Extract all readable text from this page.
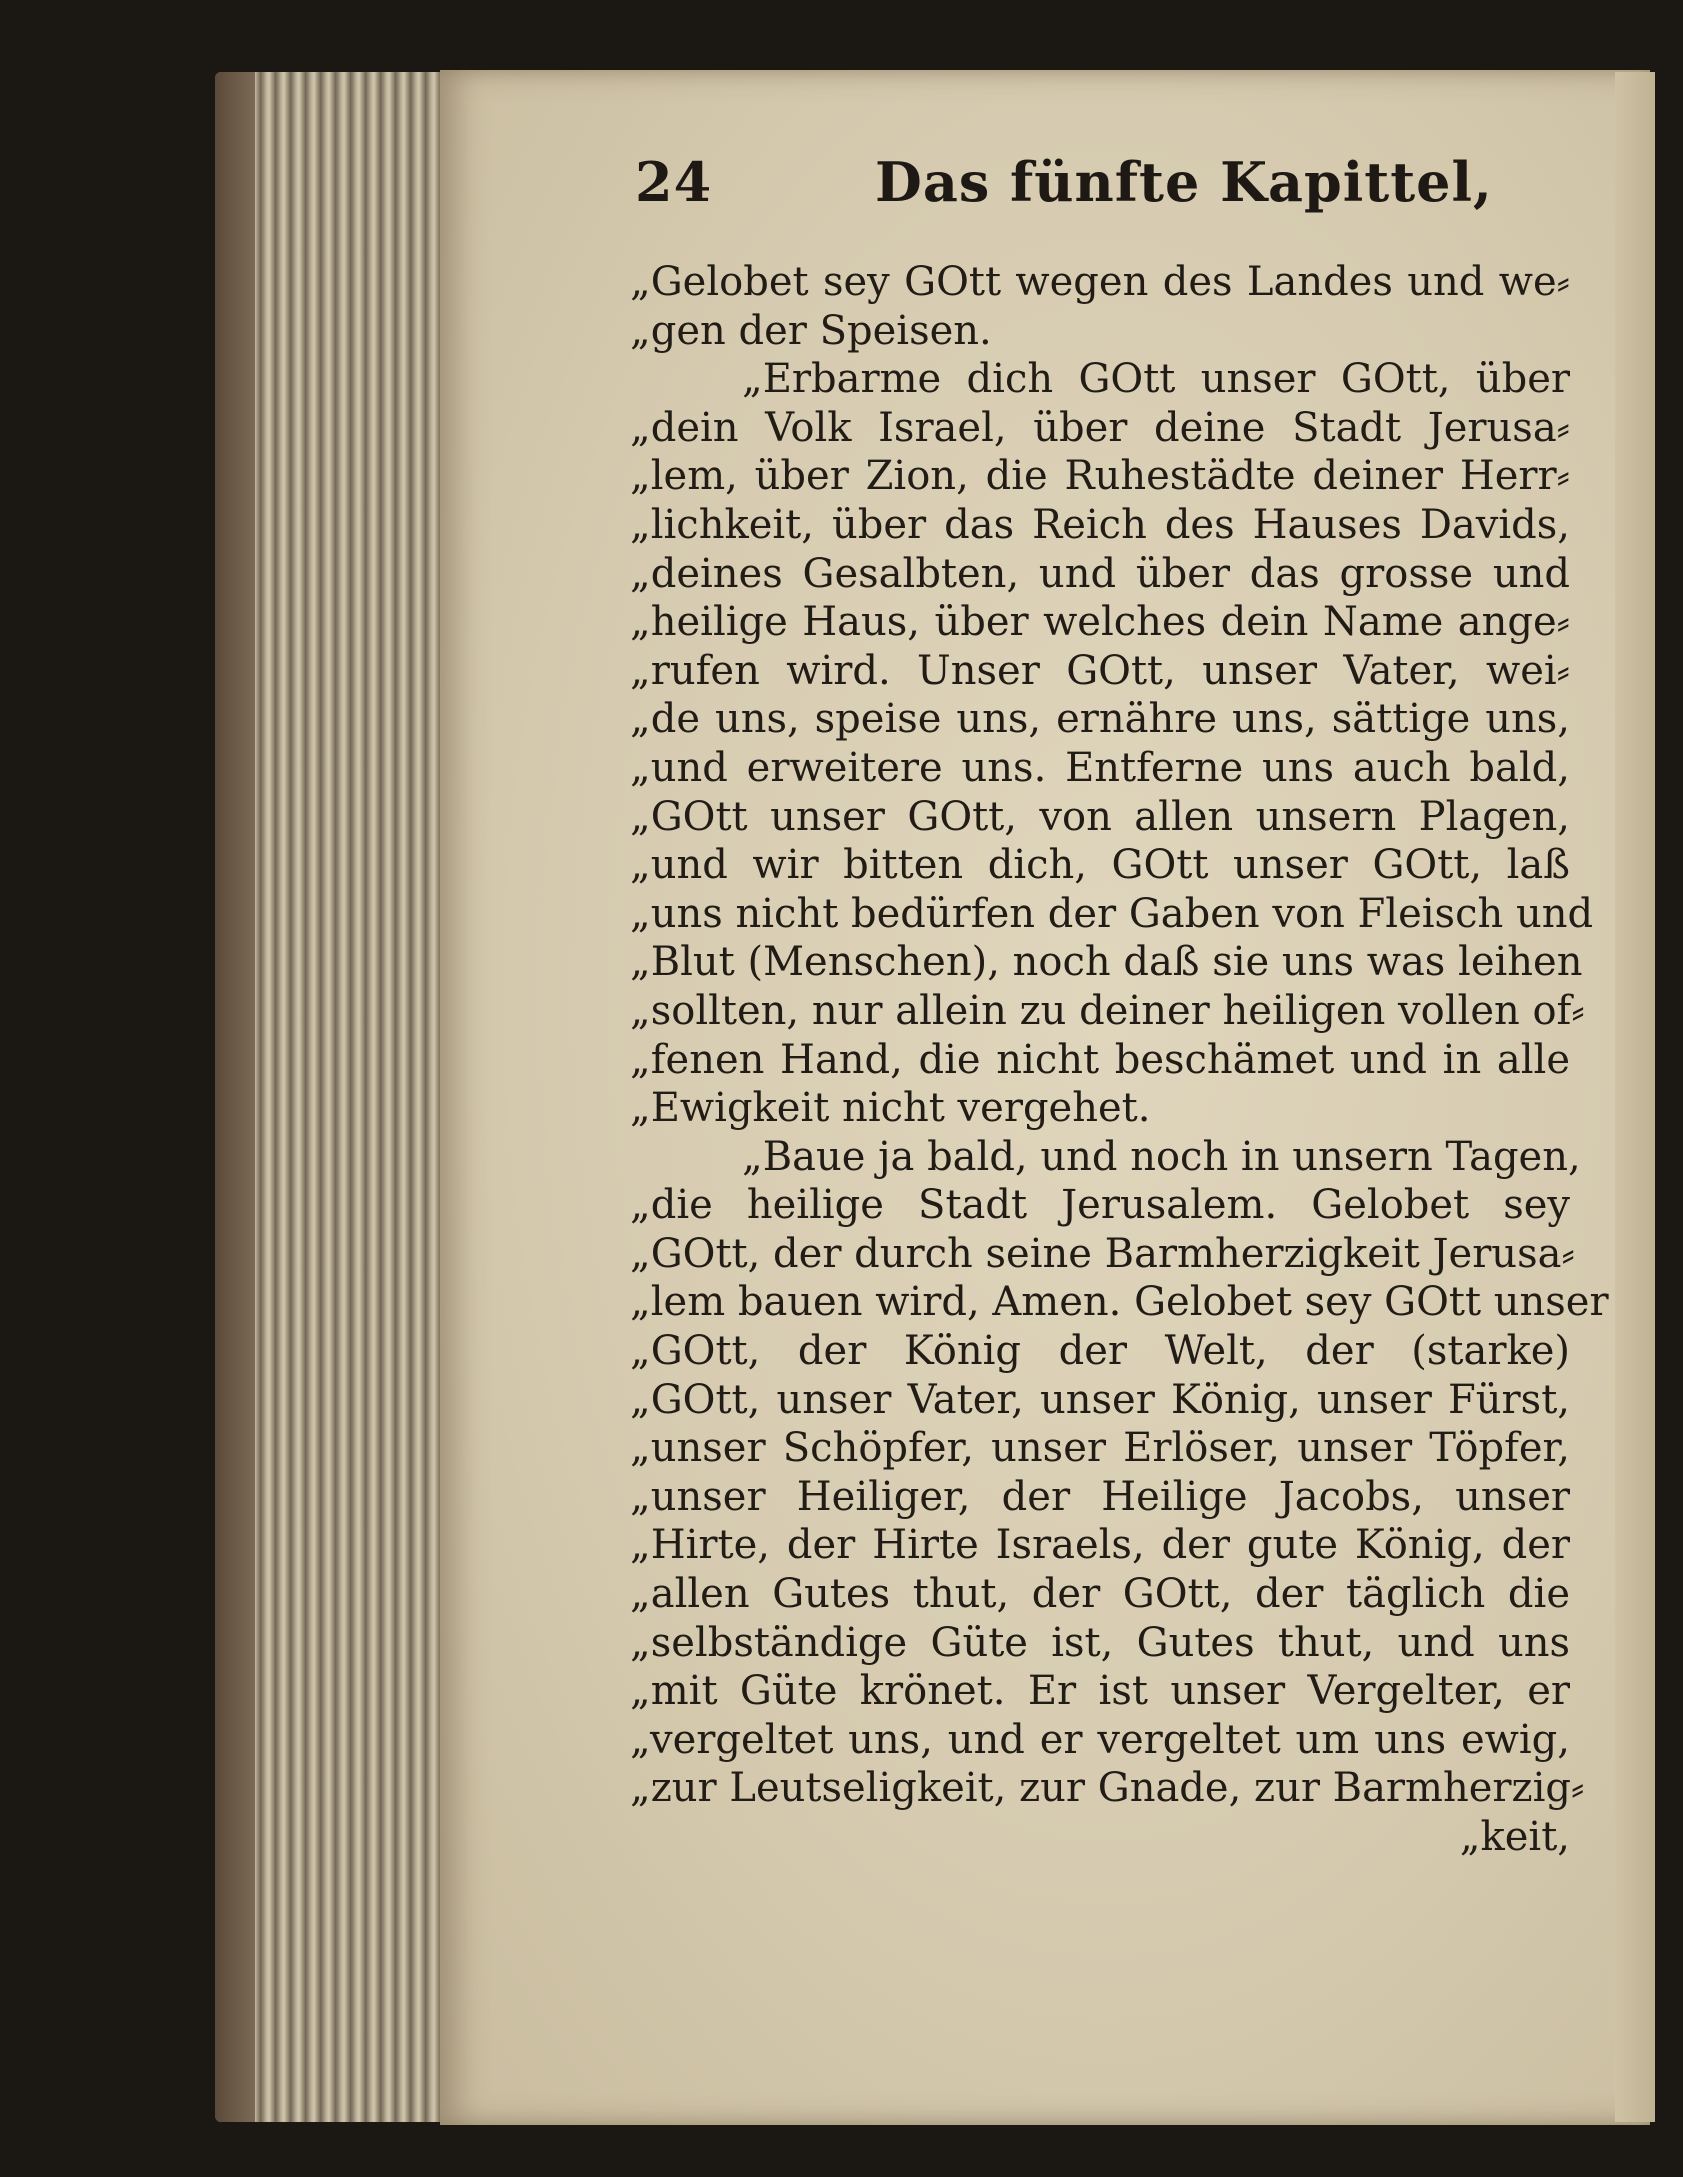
24	Das fünfte Kapittel,
„Gelobet sey GOtt wegen des Landes und we⸗
„gen der Speisen.
„Erbarme dich GOtt unser GOtt, über
„dein Volk Israel, über deine Stadt Jerusa⸗
„lem, über Zion, die Ruhestädte deiner Herr⸗
„lichkeit, über das Reich des Hauses Davids,
„deines Gesalbten, und über das grosse und
„heilige Haus, über welches dein Name ange⸗
„rufen wird. Unser GOtt, unser Vater, wei⸗
„de uns, speise uns, ernähre uns, sättige uns,
„und erweitere uns. Entferne uns auch bald,
„GOtt unser GOtt, von allen unsern Plagen,
„und wir bitten dich, GOtt unser GOtt, laß
„uns nicht bedürfen der Gaben von Fleisch und
„Blut (Menschen), noch daß sie uns was leihen
„sollten, nur allein zu deiner heiligen vollen of⸗
„fenen Hand, die nicht beschämet und in alle
„Ewigkeit nicht vergehet.
„Baue ja bald, und noch in unsern Tagen,
„die heilige Stadt Jerusalem. Gelobet sey
„GOtt, der durch seine Barmherzigkeit Jerusa⸗
„lem bauen wird, Amen. Gelobet sey GOtt unser
„GOtt, der König der Welt, der (starke)
„GOtt, unser Vater, unser König, unser Fürst,
„unser Schöpfer, unser Erlöser, unser Töpfer,
„unser Heiliger, der Heilige Jacobs, unser
„Hirte, der Hirte Israels, der gute König, der
„allen Gutes thut, der GOtt, der täglich die
„selbständige Güte ist, Gutes thut, und uns
„mit Güte krönet. Er ist unser Vergelter, er
„vergeltet uns, und er vergeltet um uns ewig,
„zur Leutseligkeit, zur Gnade, zur Barmherzig⸗
„keit,
